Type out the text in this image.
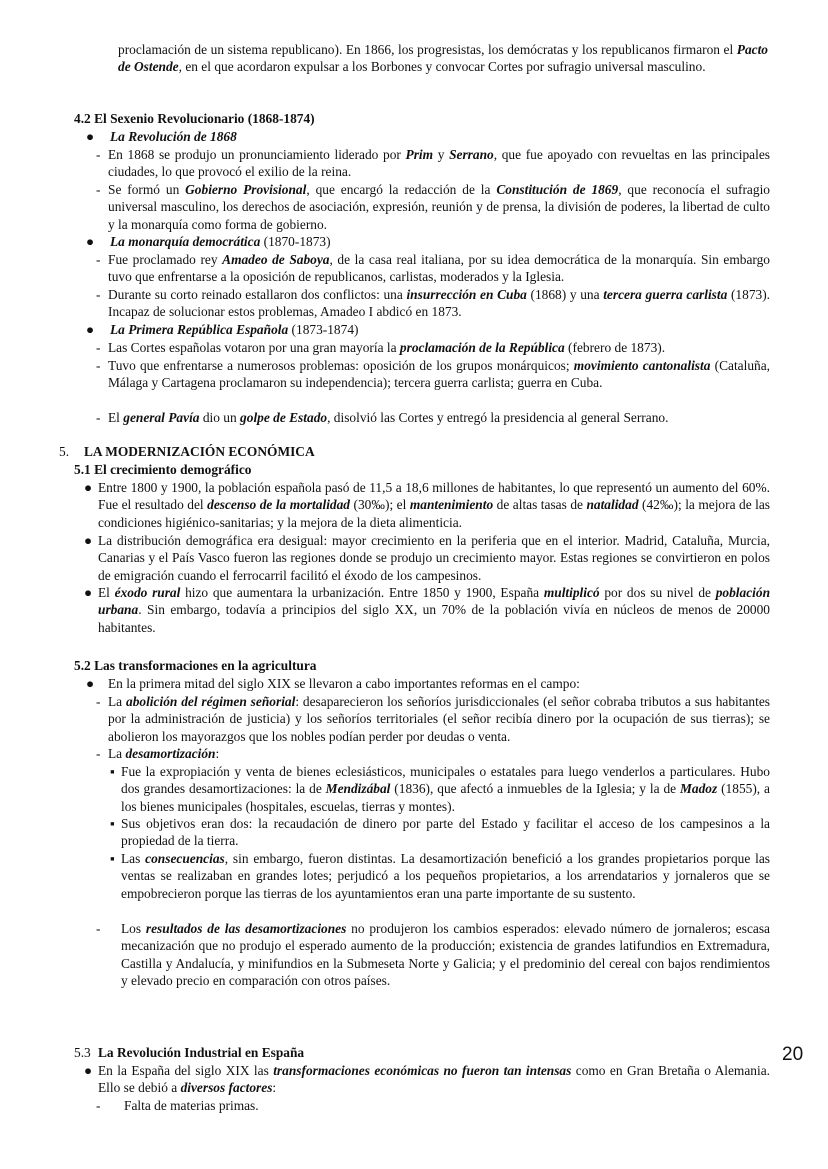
proclamación de un sistema republicano). En 1866, los progresistas, los demócratas y los republicanos firmaron el Pacto de Ostende, en el que acordaron expulsar a los Borbones y convocar Cortes por sufragio universal masculino.

4.2 El Sexenio Revolucionario (1868-1874)
● La Revolución de 1868

- En 1868 se produjo un pronunciamiento liderado por Prim y Serrano, que fue apoyado con revueltas en las principales ciudades, lo que provocó el exilio de la reina.

- Se formó un Gobierno Provisional, que encargó la redacción de la Constitución de 1869, que reconocía el sufragio universal masculino, los derechos de asociación, expresión, reunión y de prensa, la división de poderes, la libertad de culto y la monarquía como forma de gobierno.

● La monarquía democrática (1870-1873)

- Fue proclamado rey Amadeo de Saboya, de la casa real italiana, por su idea democrática de la monarquía. Sin embargo tuvo que enfrentarse a la oposición de republicanos, carlistas, moderados y la Iglesia.

- Durante su corto reinado estallaron dos conflictos: una insurrección en Cuba (1868) y una tercera guerra carlista (1873). Incapaz de solucionar estos problemas, Amadeo I abdicó en 1873.

● La Primera República Española (1873-1874)

- Las Cortes españolas votaron por una gran mayoría la proclamación de la República (febrero de 1873).

- Tuvo que enfrentarse a numerosos problemas: oposición de los grupos monárquicos; movimiento cantonalista (Cataluña, Málaga y Cartagena proclamaron su independencia); tercera guerra carlista; guerra en Cuba.

- El general Pavía dio un golpe de Estado, disolvió las Cortes y entregó la presidencia al general Serrano.

5. LA MODERNIZACIÓN ECONÓMICA
5.1 El crecimiento demográfico
● Entre 1800 y 1900, la población española pasó de 11,5 a 18,6 millones de habitantes, lo que representó un aumento del 60%. Fue el resultado del descenso de la mortalidad (30‰); el mantenimiento de altas tasas de natalidad (42‰); la mejora de las condiciones higiénico-sanitarias; y la mejora de la dieta alimenticia.

● La distribución demográfica era desigual: mayor crecimiento en la periferia que en el interior. Madrid, Cataluña, Murcia, Canarias y el País Vasco fueron las regiones donde se produjo un crecimiento mayor. Estas regiones se convirtieron en polos de emigración cuando el ferrocarril facilitó el éxodo de los campesinos.

● El éxodo rural hizo que aumentara la urbanización. Entre 1850 y 1900, España multiplicó por dos su nivel de población urbana. Sin embargo, todavía a principios del siglo XX, un 70% de la población vivía en núcleos de menos de 20000 habitantes.

5.2 Las transformaciones en la agricultura
● En la primera mitad del siglo XIX se llevaron a cabo importantes reformas en el campo:

- La abolición del régimen señorial: desaparecieron los señoríos jurisdiccionales (el señor cobraba tributos a sus habitantes por la administración de justicia) y los señoríos territoriales (el señor recibía dinero por la ocupación de sus tierras); se abolieron los mayorazgos que los nobles podían perder por deudas o venta.

- La desamortización:

▪ Fue la expropiación y venta de bienes eclesiásticos, municipales o estatales para luego venderlos a particulares. Hubo dos grandes desamortizaciones: la de Mendizábal (1836), que afectó a inmuebles de la Iglesia; y la de Madoz (1855), a los bienes municipales (hospitales, escuelas, tierras y montes).

▪ Sus objetivos eran dos: la recaudación de dinero por parte del Estado y facilitar el acceso de los campesinos a la propiedad de la tierra.

▪ Las consecuencias, sin embargo, fueron distintas. La desamortización benefició a los grandes propietarios porque las ventas se realizaban en grandes lotes; perjudicó a los pequeños propietarios, a los arrendatarios y jornaleros que se empobrecieron porque las tierras de los ayuntamientos eran una parte importante de su sustento.

- Los resultados de las desamortizaciones no produjeron los cambios esperados: elevado número de jornaleros; escasa mecanización que no produjo el esperado aumento de la producción; existencia de grandes latifundios en Extremadura, Castilla y Andalucía, y minifundios en la Submeseta Norte y Galicia; y el predominio del cereal con bajos rendimientos y elevado precio en comparación con otros países.

5.3 La Revolución Industrial en España
● En la España del siglo XIX las transformaciones económicas no fueron tan intensas como en Gran Bretaña o Alemania. Ello se debió a diversos factores:

- Falta de materias primas.

20
